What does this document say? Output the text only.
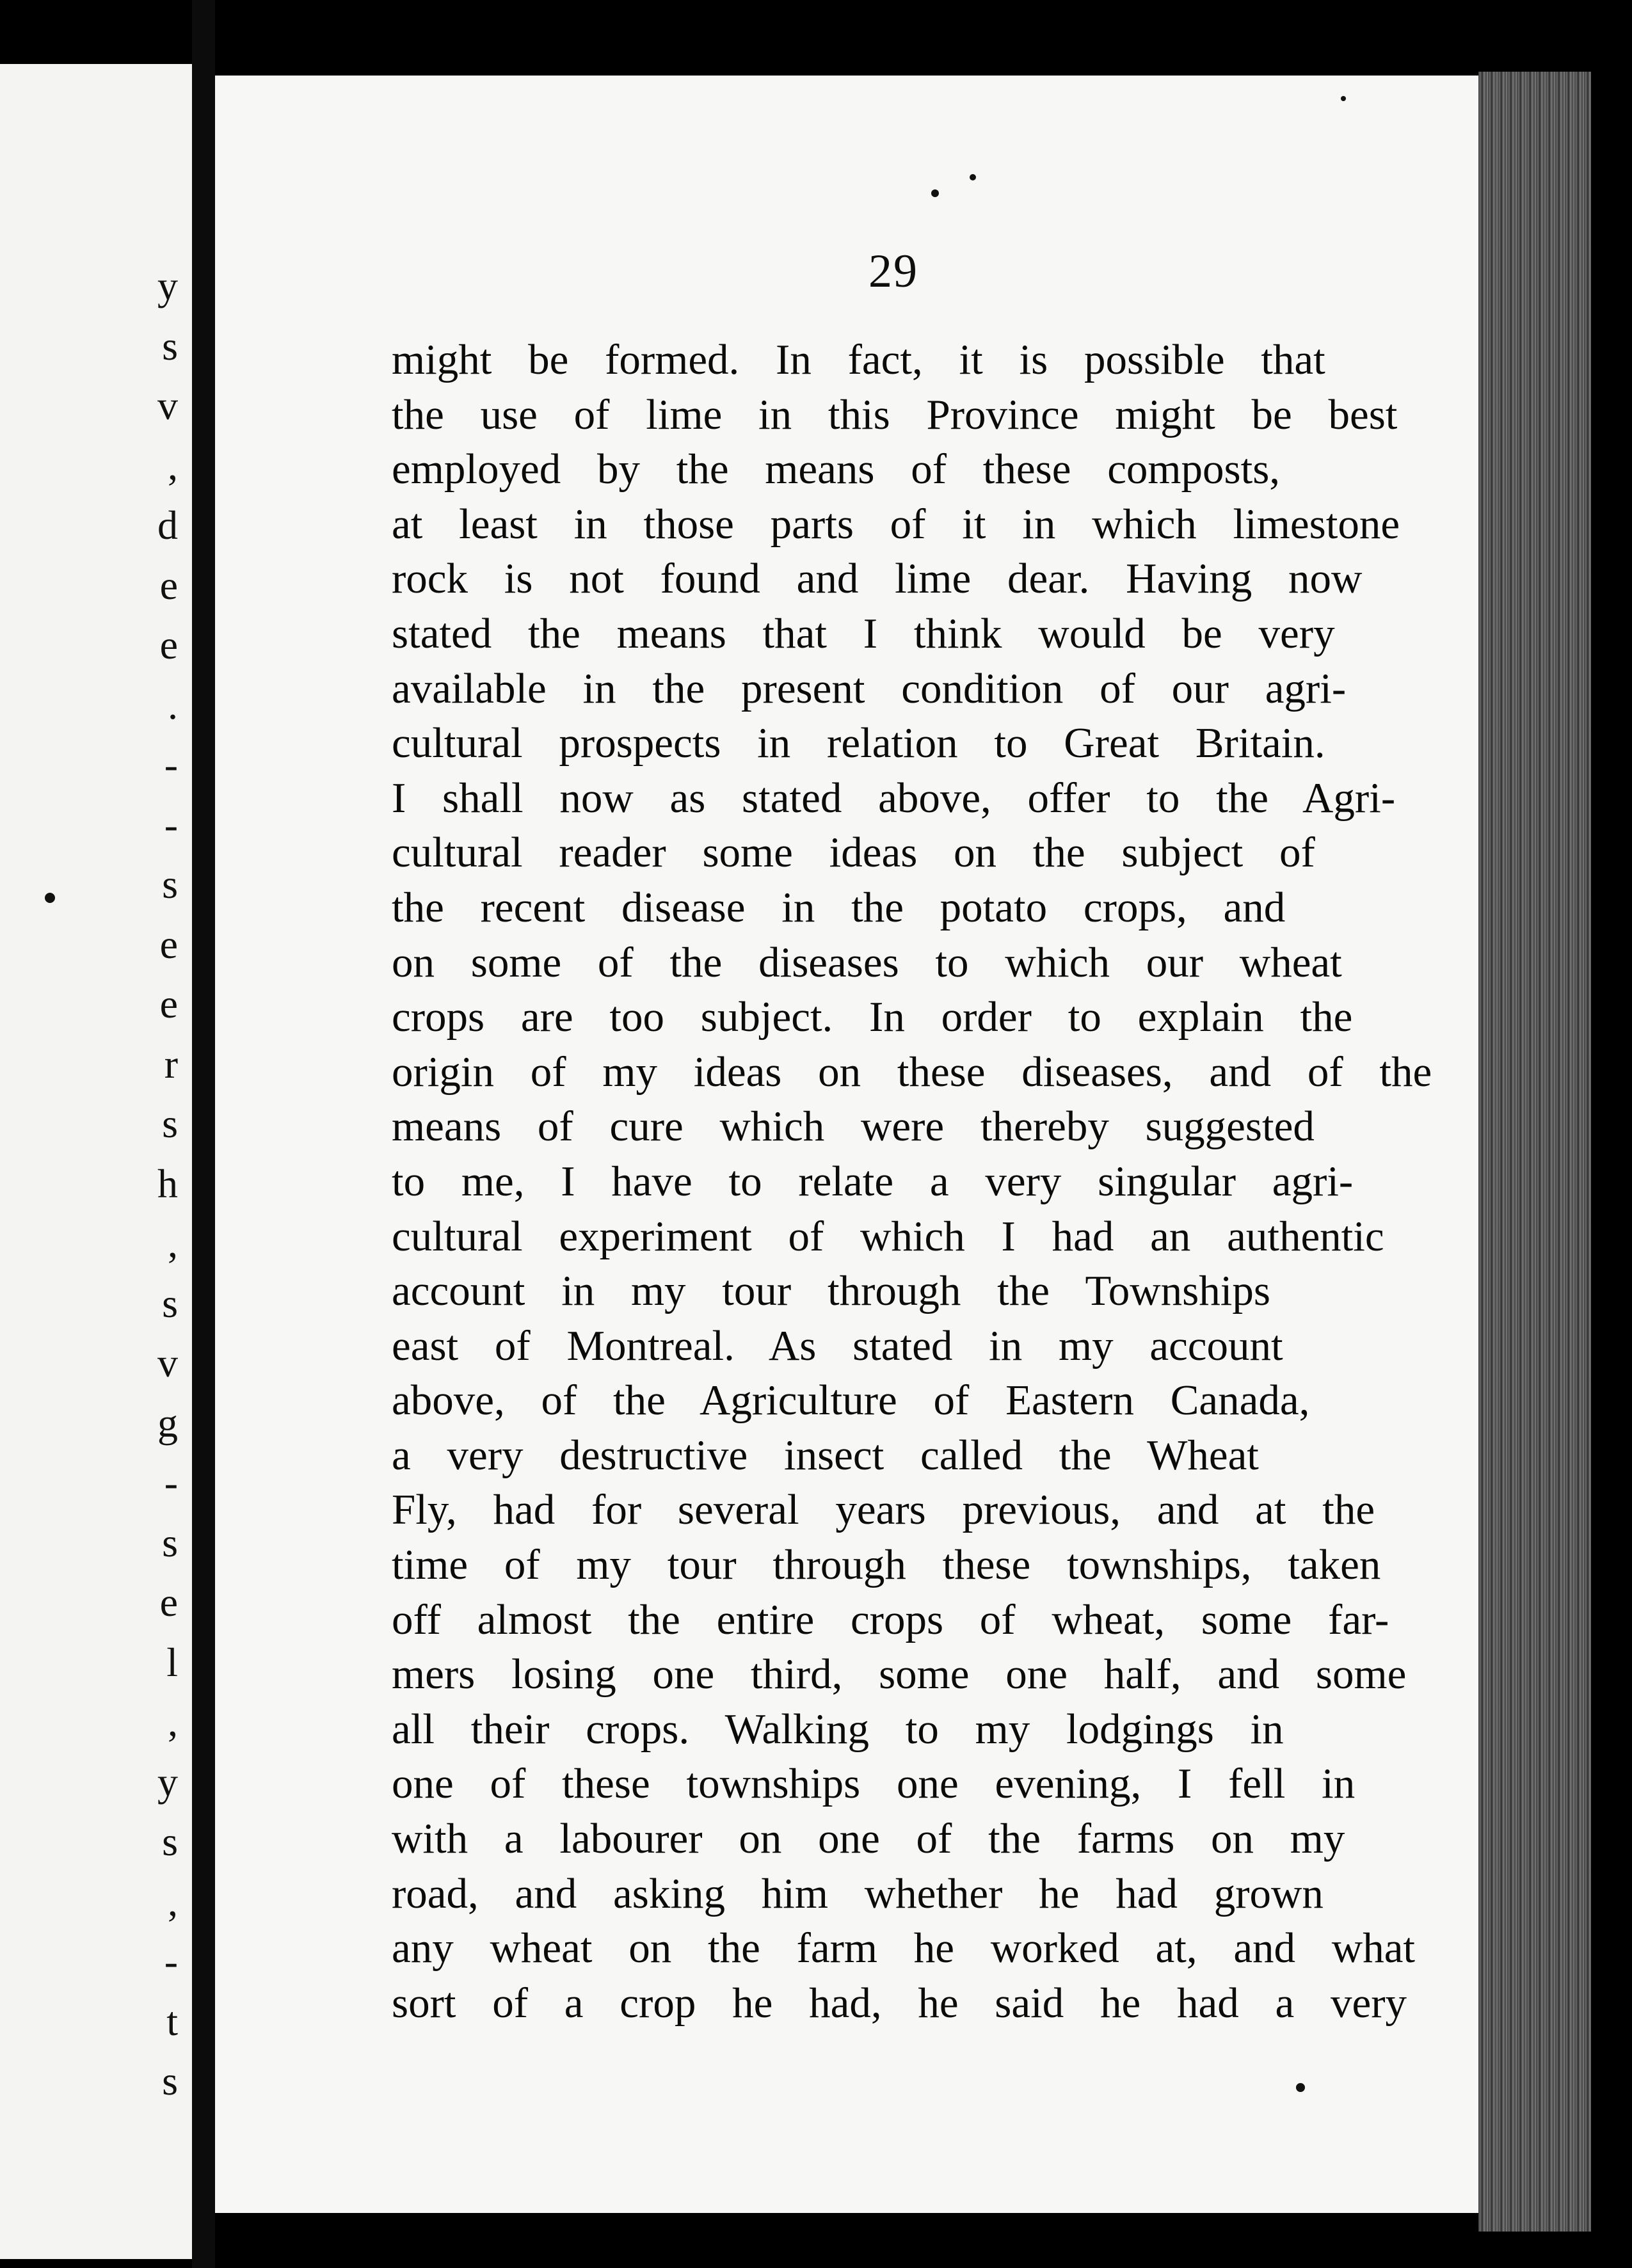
y
s
v
,
d
e
e
.
-
-
s
e
e
r
s
h
,
s
v
g
-
s
e
l
,
y
s
,
-
t
s
29
might be formed. In fact, it is possible that
the use of lime in this Province might be best
employed by the means of these composts,
at least in those parts of it in which limestone
rock is not found and lime dear. Having now
stated the means that I think would be very
available in the present condition of our agri-
cultural prospects in relation to Great Britain.
I shall now as stated above, offer to the Agri-
cultural reader some ideas on the subject of
the recent disease in the potato crops, and
on some of the diseases to which our wheat
crops are too subject. In order to explain the
origin of my ideas on these diseases, and of the
means of cure which were thereby suggested
to me, I have to relate a very singular agri-
cultural experiment of which I had an authentic
account in my tour through the Townships
east of Montreal. As stated in my account
above, of the Agriculture of Eastern Canada,
a very destructive insect called the Wheat
Fly, had for several years previous, and at the
time of my tour through these townships, taken
off almost the entire crops of wheat, some far-
mers losing one third, some one half, and some
all their crops. Walking to my lodgings in
one of these townships one evening, I fell in
with a labourer on one of the farms on my
road, and asking him whether he had grown
any wheat on the farm he worked at, and what
sort of a crop he had, he said he had a very
